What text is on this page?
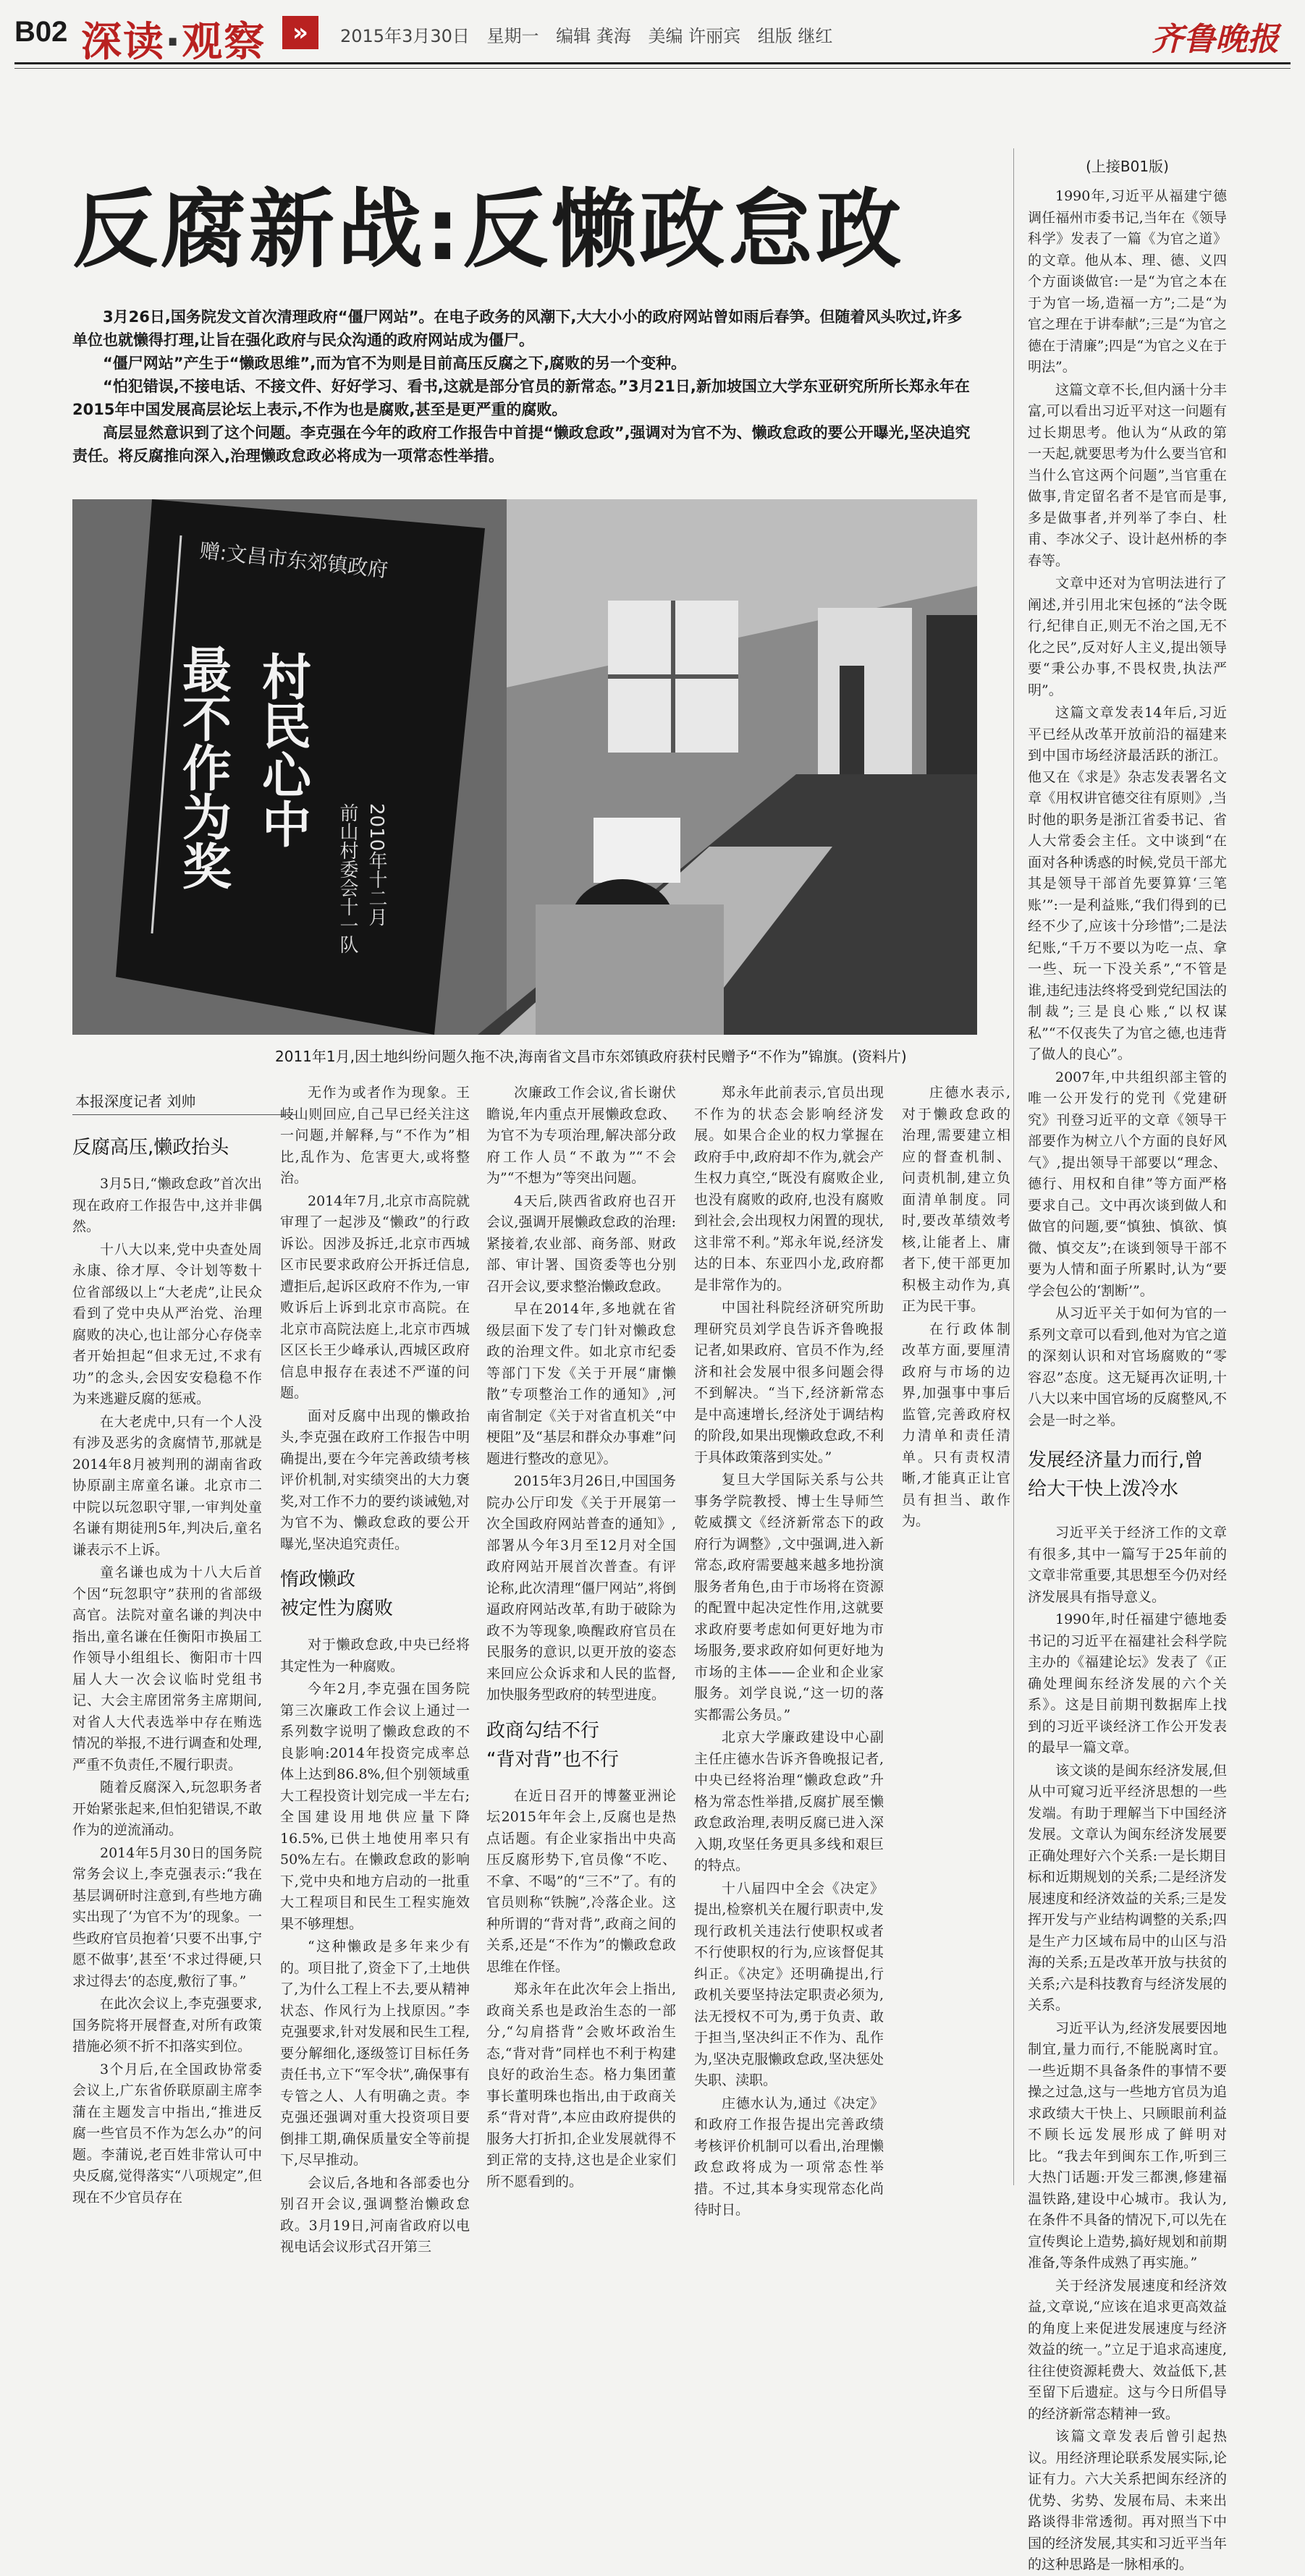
B02 深读·观察	»	2015年3月30日 星期一 编辑 龚海 美编 许丽宾 组版 继红	齐鲁晚报
反腐新战:反懒政怠政

3月26日,国务院发文首次清理政府“僵尸网站”。在电子政务的风潮下,大大小小的政府网站曾如雨后春笋。但随着风头吹过,许多单位也就懒得打理,让旨在强化政府与民众沟通的政府网站成为僵尸。

“僵尸网站”产生于“懒政思维”,而为官不为则是目前高压反腐之下,腐败的另一个变种。

“怕犯错误,不接电话、不接文件、好好学习、看书,这就是部分官员的新常态。”3月21日,新加坡国立大学东亚研究所所长郑永年在2015年中国发展高层论坛上表示,不作为也是腐败,甚至是更严重的腐败。

高层显然意识到了这个问题。李克强在今年的政府工作报告中首提“懒政怠政”,强调对为官不为、懒政怠政的要公开曝光,坚决追究责任。将反腐推向深入,治理懒政怠政必将成为一项常态性举措。

赠:文昌市东郊镇政府
最不作为奖 村民心中
前山村委会十一队 2010年十二月
2011年1月,因土地纠纷问题久拖不决,海南省文昌市东郊镇政府获村民赠予“不作为”锦旗。(资料片)
本报深度记者 刘帅
反腐高压,懒政抬头

3月5日,“懒政怠政”首次出现在政府工作报告中,这并非偶然。

十八大以来,党中央查处周永康、徐才厚、令计划等数十位省部级以上“大老虎”,让民众看到了党中央从严治党、治理腐败的决心,也让部分心存侥幸者开始担起“但求无过,不求有功”的念头,会因安安稳稳不作为来逃避反腐的惩戒。

在大老虎中,只有一个人没有涉及恶劣的贪腐情节,那就是2014年8月被判刑的湖南省政协原副主席童名谦。北京市二中院以玩忽职守罪,一审判处童名谦有期徒刑5年,判决后,童名谦表示不上诉。

童名谦也成为十八大后首个因“玩忽职守”获刑的省部级高官。法院对童名谦的判决中指出,童名谦在任衡阳市换届工作领导小组组长、衡阳市十四届人大一次会议临时党组书记、大会主席团常务主席期间,对省人大代表选举中存在贿选情况的举报,不进行调查和处理,严重不负责任,不履行职责。

随着反腐深入,玩忽职务者开始紧张起来,但怕犯错误,不敢作为的逆流涌动。

2014年5月30日的国务院常务会议上,李克强表示:“我在基层调研时注意到,有些地方确实出现了‘为官不为’的现象。一些政府官员抱着‘只要不出事,宁愿不做事’,甚至‘不求过得硬,只求过得去’的态度,敷衍了事。”

在此次会议上,李克强要求,国务院将开展督查,对所有政策措施必须不折不扣落实到位。

3个月后,在全国政协常委会议上,广东省侨联原副主席李蒲在主题发言中指出,“推进反腐一些官员不作为怎么办”的问题。李蒲说,老百姓非常认可中央反腐,觉得落实“八项规定”,但现在不少官员存在

无作为或者作为现象。王岐山则回应,自己早已经关注这一问题,并解释,与“不作为”相比,乱作为、危害更大,或将整治。

2014年7月,北京市高院就审理了一起涉及“懒政”的行政诉讼。因涉及拆迁,北京市西城区市民要求政府公开拆迁信息,遭拒后,起诉区政府不作为,一审败诉后上诉到北京市高院。在北京市高院法庭上,北京市西城区区长王少峰承认,西城区政府信息申报存在表述不严谨的问题。

面对反腐中出现的懒政抬头,李克强在政府工作报告中明确提出,要在今年完善政绩考核评价机制,对实绩突出的大力褒奖,对工作不力的要约谈诫勉,对为官不为、懒政怠政的要公开曝光,坚决追究责任。

惰政懒政
被定性为腐败

对于懒政怠政,中央已经将其定性为一种腐败。

今年2月,李克强在国务院第三次廉政工作会议上通过一系列数字说明了懒政怠政的不良影响:2014年投资完成率总体上达到86.8%,但个别领域重大工程投资计划完成一半左右;全国建设用地供应量下降16.5%,已供土地使用率只有50%左右。在懒政怠政的影响下,党中央和地方启动的一批重大工程项目和民生工程实施效果不够理想。

“这种懒政是多年来少有的。项目批了,资金下了,土地供了,为什么工程上不去,要从精神状态、作风行为上找原因。”李克强要求,针对发展和民生工程,要分解细化,逐级签订目标任务责任书,立下“军令状”,确保事有专管之人、人有明确之责。李克强还强调对重大投资项目要倒排工期,确保质量安全等前提下,尽早推动。

会议后,各地和各部委也分别召开会议,强调整治懒政怠政。3月19日,河南省政府以电视电话会议形式召开第三

次廉政工作会议,省长谢伏瞻说,年内重点开展懒政怠政、为官不为专项治理,解决部分政府工作人员“不敢为”“不会为”“不想为”等突出问题。

4天后,陕西省政府也召开会议,强调开展懒政怠政的治理:紧接着,农业部、商务部、财政部、审计署、国资委等也分别召开会议,要求整治懒政怠政。

早在2014年,多地就在省级层面下发了专门针对懒政怠政的治理文件。如北京市纪委等部门下发《关于开展“庸懒散”专项整治工作的通知》,河南省制定《关于对省直机关“中梗阻”及“基层和群众办事难”问题进行整改的意见》。

2015年3月26日,中国国务院办公厅印发《关于开展第一次全国政府网站普查的通知》,部署从今年3月至12月对全国政府网站开展首次普查。有评论称,此次清理“僵尸网站”,将倒逼政府网站改革,有助于破除为政不为等现象,唤醒政府官员在民服务的意识,以更开放的姿态来回应公众诉求和人民的监督,加快服务型政府的转型进度。

政商勾结不行
“背对背”也不行

在近日召开的博鳌亚洲论坛2015年年会上,反腐也是热点话题。有企业家指出中央高压反腐形势下,官员像“不吃、不拿、不喝”的“三不”了。有的官员则称“铁腕”,冷落企业。这种所谓的“背对背”,政商之间的关系,还是“不作为”的懒政怠政思维在作怪。

郑永年在此次年会上指出,政商关系也是政治生态的一部分,“勾肩搭背”会败坏政治生态,“背对背”同样也不利于构建良好的政治生态。格力集团董事长董明珠也指出,由于政商关系“背对背”,本应由政府提供的服务大打折扣,企业发展就得不到正常的支持,这也是企业家们所不愿看到的。

郑永年此前表示,官员出现不作为的状态会影响经济发展。如果合企业的权力掌握在政府手中,政府却不作为,就会产生权力真空,“既没有腐败企业,也没有腐败的政府,也没有腐败到社会,会出现权力闲置的现状,这非常不利。”郑永年说,经济发达的日本、东亚四小龙,政府都是非常作为的。

中国社科院经济研究所助理研究员刘学良告诉齐鲁晚报记者,如果政府、官员不作为,经济和社会发展中很多问题会得不到解决。“当下,经济新常态是中高速增长,经济处于调结构的阶段,如果出现懒政怠政,不利于具体政策落到实处。”

复旦大学国际关系与公共事务学院教授、博士生导师竺乾威撰文《经济新常态下的政府行为调整》,文中强调,进入新常态,政府需要越来越多地扮演服务者角色,由于市场将在资源的配置中起决定性作用,这就要求政府要考虑如何更好地为市场服务,要求政府如何更好地为市场的主体——企业和企业家服务。刘学良说,“这一切的落实都需公务员。”

北京大学廉政建设中心副主任庄德水告诉齐鲁晚报记者,中央已经将治理“懒政怠政”升格为常态性举措,反腐扩展至懒政怠政治理,表明反腐已进入深入期,攻坚任务更具多线和艰巨的特点。

十八届四中全会《决定》提出,检察机关在履行职责中,发现行政机关违法行使职权或者不行使职权的行为,应该督促其纠正。《决定》还明确提出,行政机关要坚持法定职责必须为,法无授权不可为,勇于负责、敢于担当,坚决纠正不作为、乱作为,坚决克服懒政怠政,坚决惩处失职、渎职。

庄德水认为,通过《决定》和政府工作报告提出完善政绩考核评价机制可以看出,治理懒政怠政将成为一项常态性举措。不过,其本身实现常态化尚待时日。

庄德水表示,对于懒政怠政的治理,需要建立相应的督查机制、问责机制,建立负面清单制度。同时,要改革绩效考核,让能者上、庸者下,使干部更加积极主动作为,真正为民干事。

在行政体制改革方面,要厘清政府与市场的边界,加强事中事后监管,完善政府权力清单和责任清单。只有责权清晰,才能真正让官员有担当、敢作为。

(上接B01版)

1990年,习近平从福建宁德调任福州市委书记,当年在《领导科学》发表了一篇《为官之道》的文章。他从本、理、德、义四个方面谈做官:一是“为官之本在于为官一场,造福一方”;二是“为官之理在于讲奉献”;三是“为官之德在于清廉”;四是“为官之义在于明法”。

这篇文章不长,但内涵十分丰富,可以看出习近平对这一问题有过长期思考。他认为“从政的第一天起,就要思考为什么要当官和当什么官这两个问题”,当官重在做事,肯定留名者不是官而是事,多是做事者,并列举了李白、杜甫、李冰父子、设计赵州桥的李春等。

文章中还对为官明法进行了阐述,并引用北宋包拯的“法令既行,纪律自正,则无不治之国,无不化之民”,反对好人主义,提出领导要“秉公办事,不畏权贵,执法严明”。

这篇文章发表14年后,习近平已经从改革开放前沿的福建来到中国市场经济最活跃的浙江。他又在《求是》杂志发表署名文章《用权讲官德交往有原则》,当时他的职务是浙江省委书记、省人大常委会主任。文中谈到“在面对各种诱惑的时候,党员干部尤其是领导干部首先要算算‘三笔账’”:一是利益账,“我们得到的已经不少了,应该十分珍惜”;二是法纪账,“千万不要以为吃一点、拿一些、玩一下没关系”,“不管是谁,违纪违法终将受到党纪国法的制裁”;三是良心账,“以权谋私”“不仅丧失了为官之德,也违背了做人的良心”。

2007年,中共组织部主管的唯一公开发行的党刊《党建研究》刊登习近平的文章《领导干部要作为树立八个方面的良好风气》,提出领导干部要以“理念、德行、用权和自律”等方面严格要求自己。文中再次谈到做人和做官的问题,要“慎独、慎欲、慎微、慎交友”;在谈到领导干部不要为人情和面子所累时,认为“要学会包公的‘割断’”。

从习近平关于如何为官的一系列文章可以看到,他对为官之道的深刻认识和对官场腐败的“零容忍”态度。这无疑再次证明,十八大以来中国官场的反腐整风,不会是一时之举。

发展经济量力而行,曾
给大干快上泼冷水

习近平关于经济工作的文章有很多,其中一篇写于25年前的文章非常重要,其思想至今仍对经济发展具有指导意义。

1990年,时任福建宁德地委书记的习近平在福建社会科学院主办的《福建论坛》发表了《正确处理闽东经济发展的六个关系》。这是目前期刊数据库上找到的习近平谈经济工作公开发表的最早一篇文章。

该文谈的是闽东经济发展,但从中可窥习近平经济思想的一些发端。有助于理解当下中国经济发展。文章认为闽东经济发展要正确处理好六个关系:一是长期目标和近期规划的关系;二是经济发展速度和经济效益的关系;三是发挥开发与产业结构调整的关系;四是生产力区域布局中的山区与沿海的关系;五是改革开放与扶贫的关系;六是科技教育与经济发展的关系。

习近平认为,经济发展要因地制宜,量力而行,不能脱离时宜。一些近期不具备条件的事情不要操之过急,这与一些地方官员为追求政绩大干快上、只顾眼前利益不顾长远发展形成了鲜明对比。“我去年到闽东工作,听到三大热门话题:开发三都澳,修建福温铁路,建设中心城市。我认为,在条件不具备的情况下,可以先在宣传舆论上造势,搞好规划和前期准备,等条件成熟了再实施。”

关于经济发展速度和经济效益,文章说,“应该在追求更高效益的角度上来促进发展速度与经济效益的统一。”立足于追求高速度,往往使资源耗费大、效益低下,甚至留下后遗症。这与今日所倡导的经济新常态精神一致。

该篇文章发表后曾引起热议。用经济理论联系发展实际,论证有力。六大关系把闽东经济的优势、劣势、发展布局、未来出路谈得非常透彻。再对照当下中国的经济发展,其实和习近平当年的这种思路是一脉相承的。
